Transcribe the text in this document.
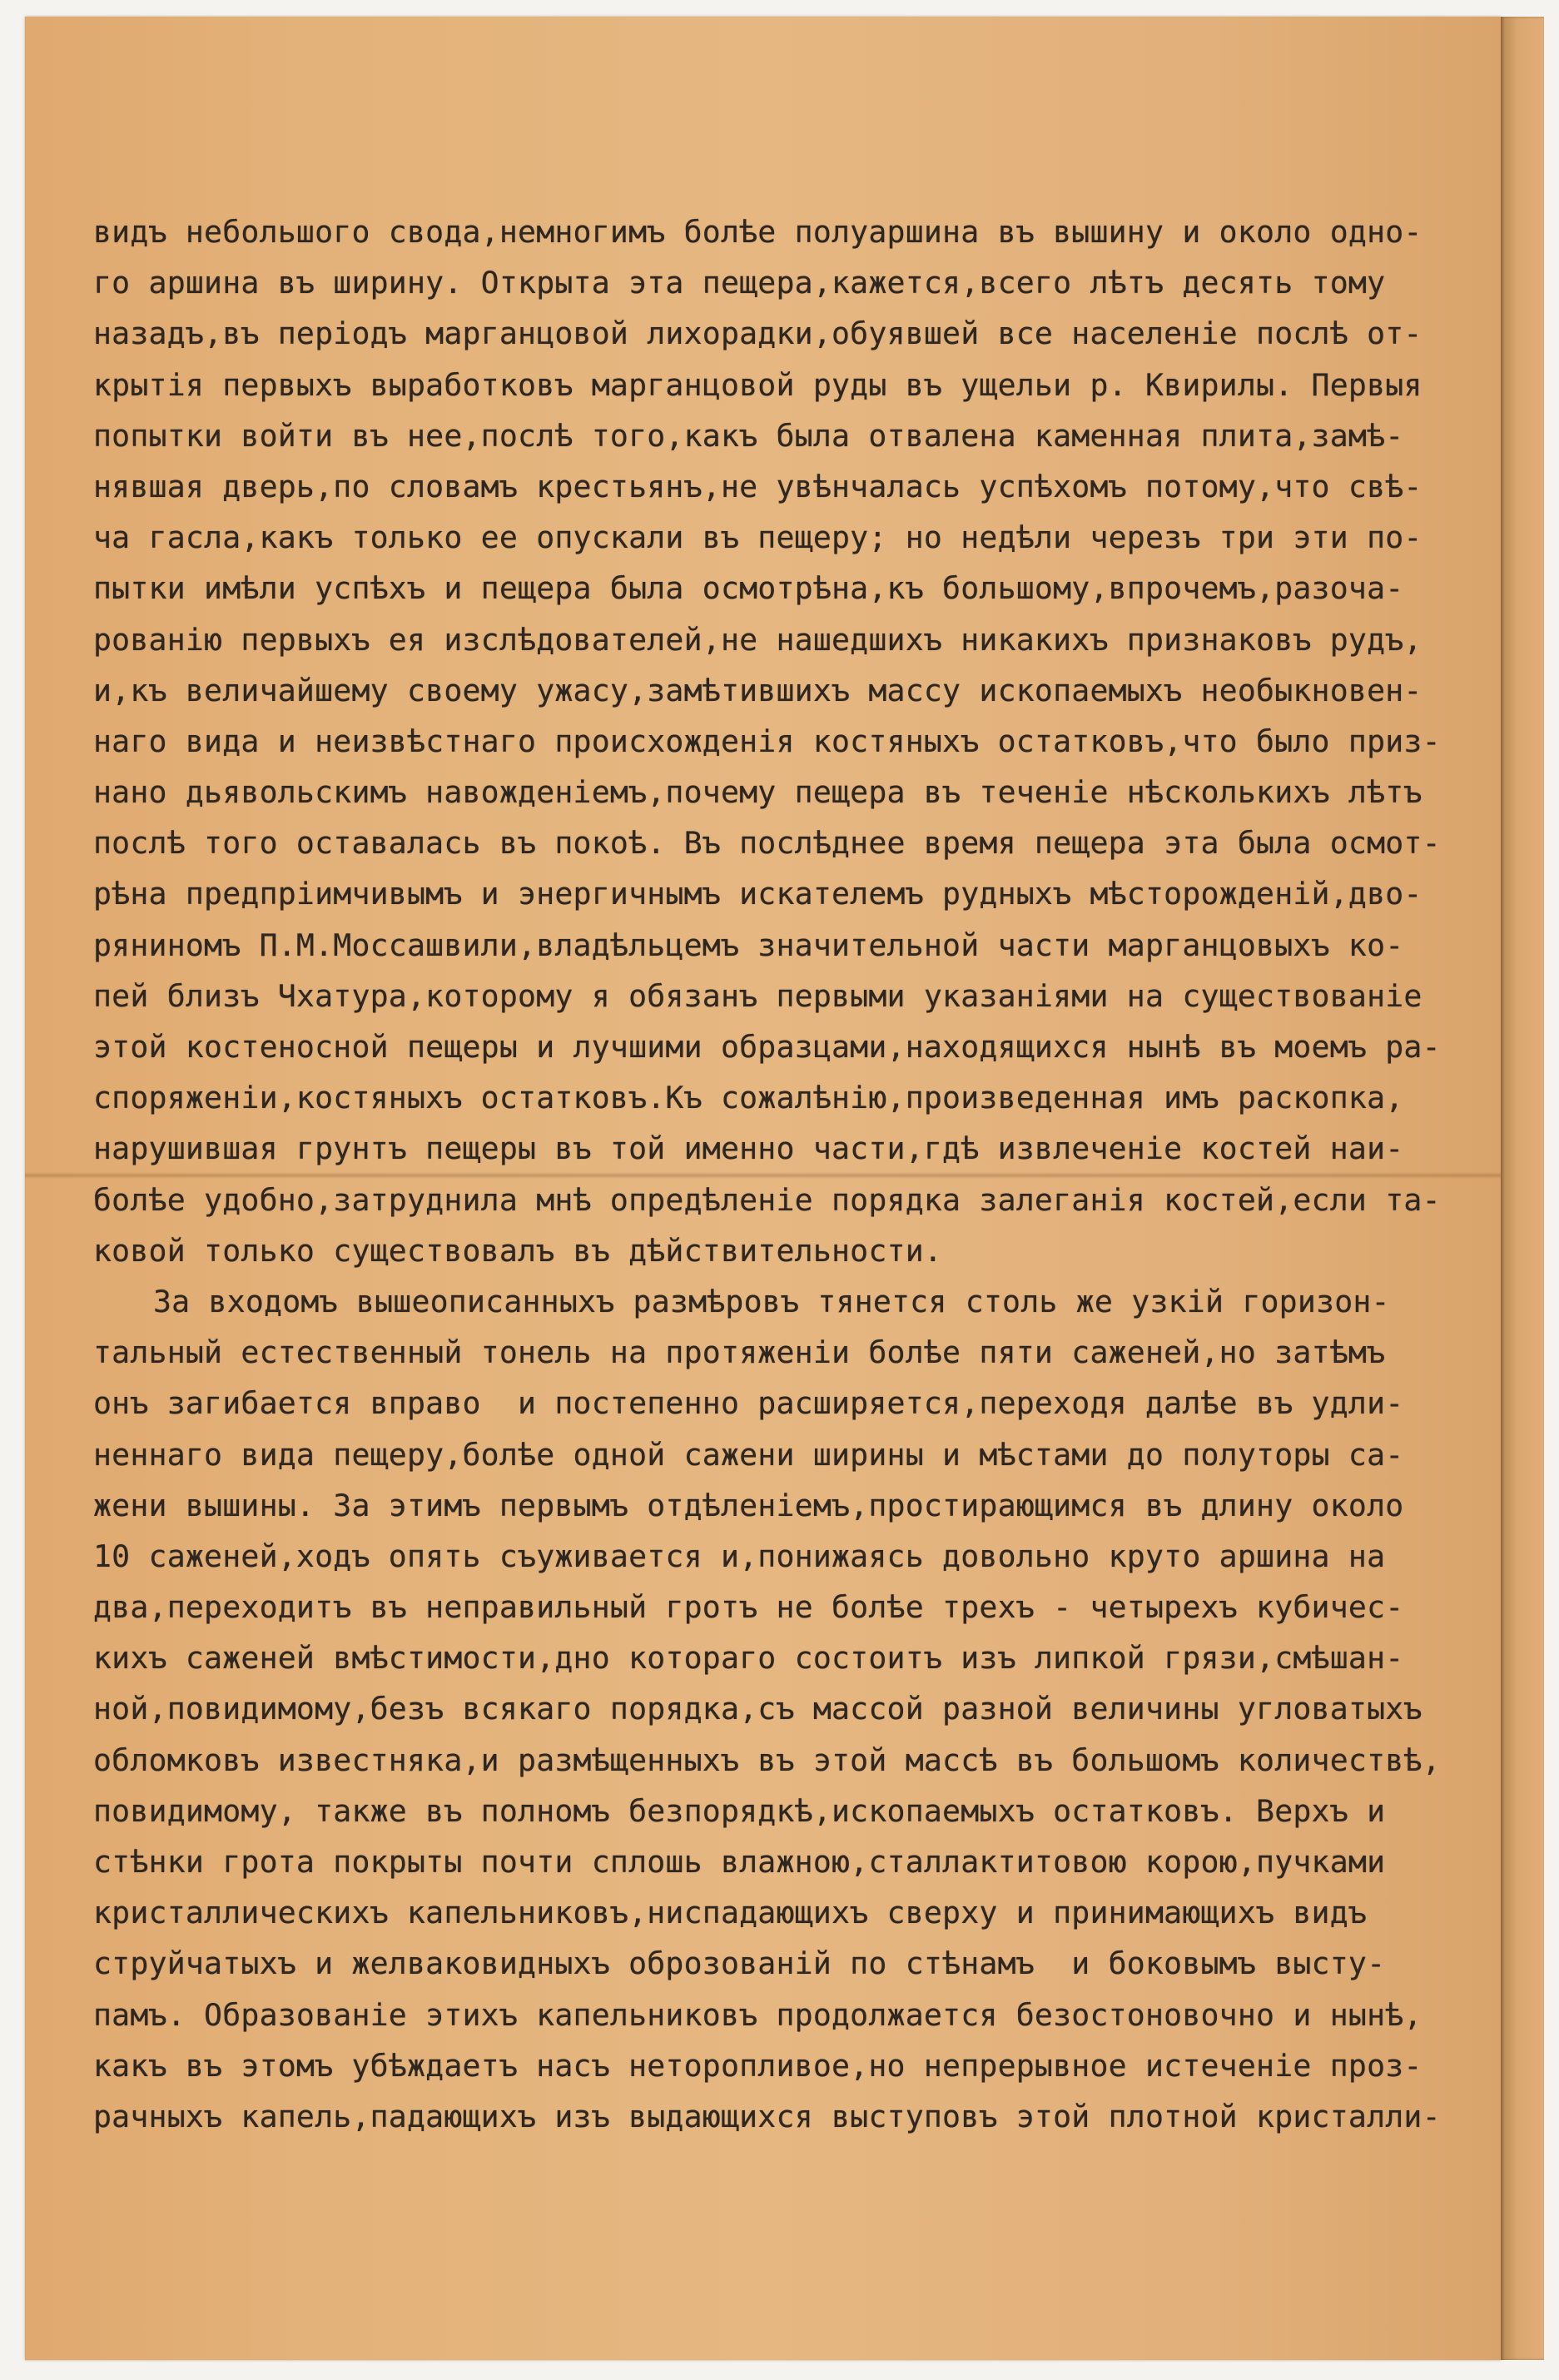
видъ небольшого свода,немногимъ болѣе полуаршина въ вышину и около одно-
го аршина въ ширину. Открыта эта пещера,кажется,всего лѣтъ десять тому
назадъ,въ періодъ марганцовой лихорадки,обуявшей все населеніе послѣ от-
крытія первыхъ выработковъ марганцовой руды въ ущельи р. Квирилы. Первыя
попытки войти въ нее,послѣ того,какъ была отвалена каменная плита,замѣ-
нявшая дверь,по словамъ крестьянъ,не увѣнчалась успѣхомъ потому,что свѣ-
ча гасла,какъ только ее опускали въ пещеру; но недѣли черезъ три эти по-
пытки имѣли успѣхъ и пещера была осмотрѣна,къ большому,впрочемъ,разоча-
рованію первыхъ ея изслѣдователей,не нашедшихъ никакихъ признаковъ рудъ,
и,къ величайшему своему ужасу,замѣтившихъ массу ископаемыхъ необыкновен-
наго вида и неизвѣстнаго происхожденія костяныхъ остатковъ,что было приз-
нано дьявольскимъ навожденіемъ,почему пещера въ теченіе нѣсколькихъ лѣтъ
послѣ того оставалась въ покоѣ. Въ послѣднее время пещера эта была осмот-
рѣна предпріимчивымъ и энергичнымъ искателемъ рудныхъ мѣсторожденій,дво-
ряниномъ П.М.Моссашвили,владѣльцемъ значительной части марганцовыхъ ко-
пей близъ Чхатура,которому я обязанъ первыми указаніями на существованіе
этой костеносной пещеры и лучшими образцами,находящихся нынѣ въ моемъ ра-
споряженіи,костяныхъ остатковъ.Къ сожалѣнію,произведенная имъ раскопка,
нарушившая грунтъ пещеры въ той именно части,гдѣ извлеченіе костей наи-
болѣе удобно,затруднила мнѣ опредѣленіе порядка залеганія костей,если та-
ковой только существовалъ въ дѣйствительности.
За входомъ вышеописанныхъ размѣровъ тянется столь же узкій горизон-
тальный естественный тонель на протяженіи болѣе пяти саженей,но затѣмъ
онъ загибается вправо  и постепенно расширяется,переходя далѣе въ удли-
неннаго вида пещеру,болѣе одной сажени ширины и мѣстами до полуторы са-
жени вышины. За этимъ первымъ отдѣленіемъ,простирающимся въ длину около
10 саженей,ходъ опять съуживается и,понижаясь довольно круто аршина на
два,переходитъ въ неправильный гротъ не болѣе трехъ - четырехъ кубичес-
кихъ саженей вмѣстимости,дно котораго состоитъ изъ липкой грязи,смѣшан-
ной,повидимому,безъ всякаго порядка,съ массой разной величины угловатыхъ
обломковъ известняка,и размѣщенныхъ въ этой массѣ въ большомъ количествѣ,
повидимому, также въ полномъ безпорядкѣ,ископаемыхъ остатковъ. Верхъ и
стѣнки грота покрыты почти сплошь влажною,сталлактитовою корою,пучками
кристаллическихъ капельниковъ,ниспадающихъ сверху и принимающихъ видъ
струйчатыхъ и желваковидныхъ оброзованій по стѣнамъ  и боковымъ высту-
памъ. Образованіе этихъ капельниковъ продолжается безостоновочно и нынѣ,
какъ въ этомъ убѣждаетъ насъ неторопливое,но непрерывное истеченіе проз-
рачныхъ капель,падающихъ изъ выдающихся выступовъ этой плотной кристалли-
